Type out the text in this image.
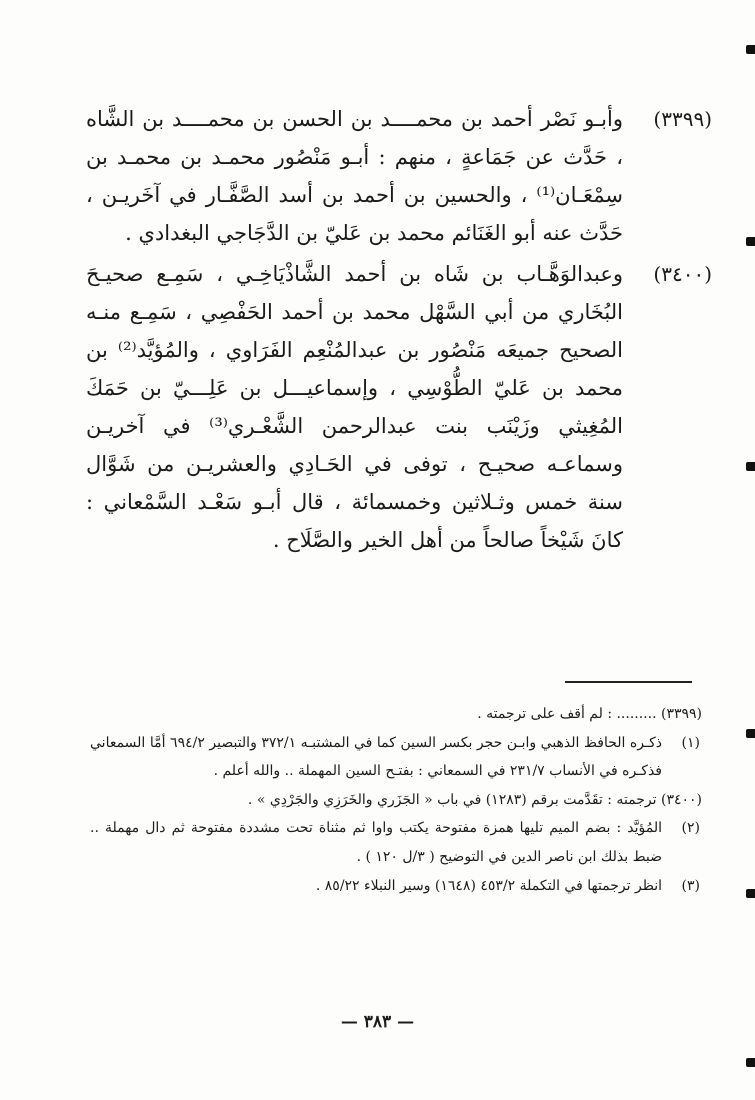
(٣٣٩٩)
وأبـو نَصْر أحمد بن محمــــد بن الحسن بن محمــــد بن الشَّاه ، حَدَّث عن جَمَاعةٍ ، منهم : أبـو مَنْصُور محمـد بن محمـد بن سِمْعَـان⁽¹⁾ ، والحسين بن أحمد بن أسد الصَّفَّـار في آخَريـن ، حَدَّث عنه أبو الغَنَائم محمد بن عَليّ بن الدَّجَاجي البغدادي .
(٣٤٠٠)
وعبدالوَهَّـاب بن شَاه بن أحمد الشَّاذْيَاخِـي ، سَمِـع صحيـحَ البُخَاري من أبي السَّهْل محمد بن أحمد الحَفْصِي ، سَمِـع منـه الصحيح جميعَه مَنْصُور بن عبدالمُنْعِم الفَرَاوي ، والمُؤيَّد⁽²⁾ بن محمد بن عَليّ الطُّوْسِي ، وإسماعيـــل بن عَلِـــيّ بن حَمَكَ المُغِيثي وزَيْنَب بنت عبدالرحمن الشَّعْـري⁽³⁾ في آخريـن وسماعـه صحيـح ، توفى في الحَـادِي والعشريـن من شَوَّال سنة خمس وثـلاثين وخمسمائة ، قال أبـو سَعْـد السَّمْعاني : كانَ شَيْخاً صالحاً من أهل الخير والصَّلَاح .
(٣٣٩٩) ......... : لم أقف على ترجمته .
(١)
ذكـره الحافظ الذهبي وابـن حجر بكسر السين كما في المشتبـه ٣٧٢/١ والتبصير ٦٩٤/٢ أمَّا السمعاني فذكـره في الأنساب ٢٣١/٧ في السمعاني : بفتـح السين المهملة .. والله أعلم .
(٣٤٠٠) ترجمته : تقَدَّمت برقم (١٢٨٣) في باب « الجَزَري والخَرَزِي والجَرْدِي » .
(٢)
المُؤيَّد : بضم الميم تليها همزة مفتوحة يكتب واوا ثم مثناة تحت مشددة مفتوحة ثم دال مهملة .. ضبط بذلك ابن ناصر الدين في التوضيح ( ٣/ل ١٢٠ ) .
(٣)
انظر ترجمتها في التكملة ٤٥٣/٢ (١٦٤٨) وسير النبلاء ٨٥/٢٢ .
— ٣٨٣ —
